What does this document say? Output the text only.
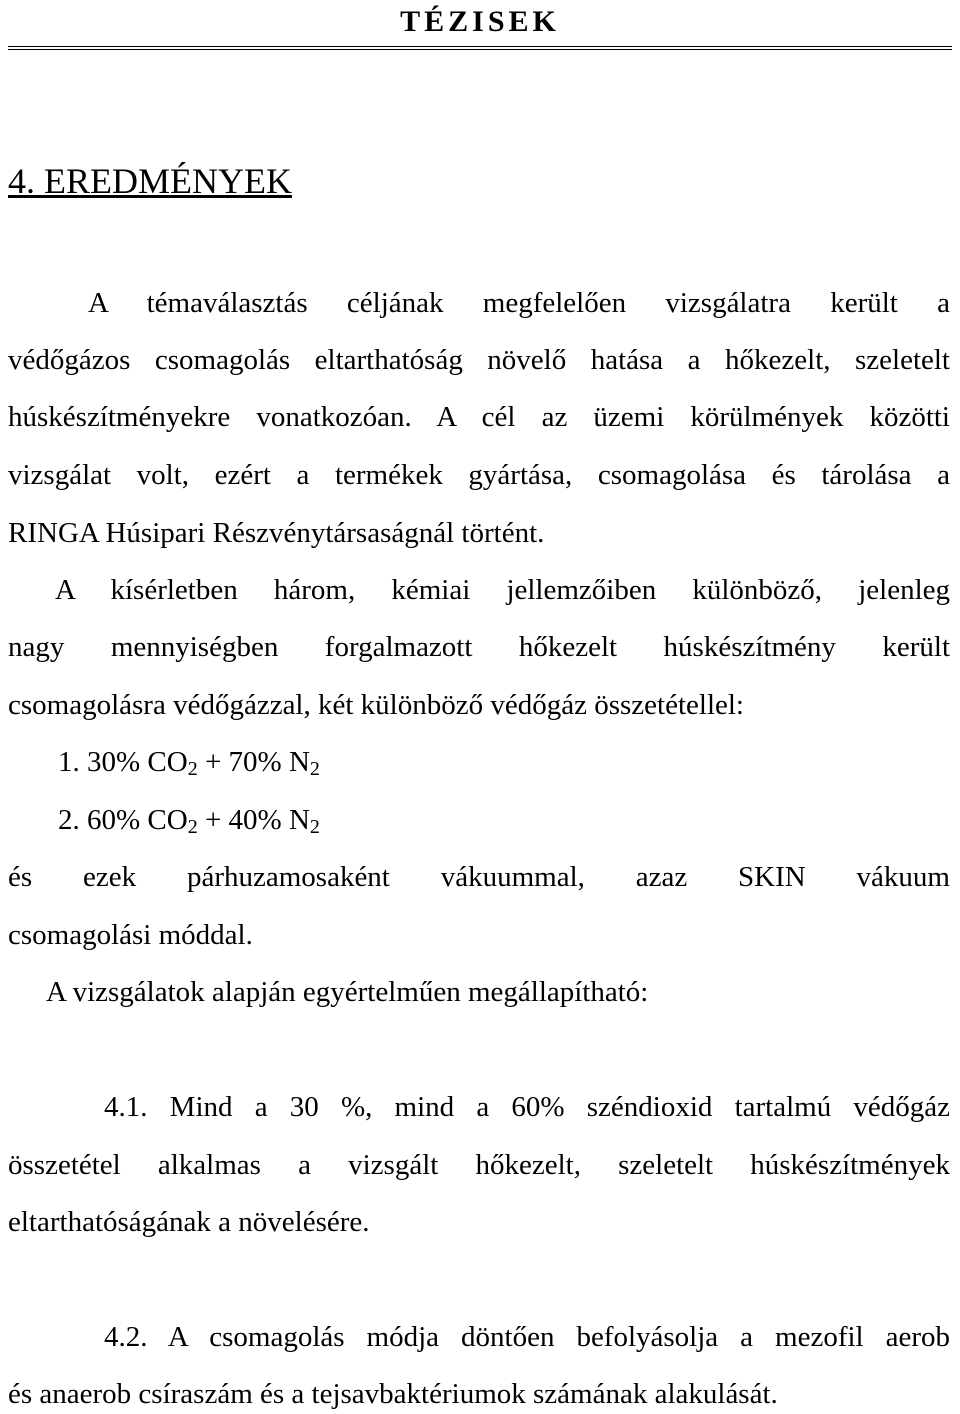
TÉZISEK
4. EREDMÉNYEK
A témaválasztás céljának megfelelően vizsgálatra került a
védőgázos csomagolás eltarthatóság növelő hatása a hőkezelt, szeletelt
húskészítményekre vonatkozóan. A cél az üzemi körülmények közötti
vizsgálat volt, ezért a termékek gyártása, csomagolása és tárolása a
RINGA Húsipari Részvénytársaságnál történt.
A kísérletben három, kémiai jellemzőiben különböző, jelenleg
nagy mennyiségben forgalmazott hőkezelt húskészítmény került
csomagolásra védőgázzal, két különböző védőgáz összetétellel:
1. 30% $CO_2 + 70\%$ $N_2$
2. 60% $CO_2 + 40\%$ $N_2$
és ezek párhuzamosaként vákuummal, azaz SKIN vákuum
csomagolási móddal.
A vizsgálatok alapján egyértelműen megállapítható:
4.1. Mind a 30 %, mind a 60% széndioxid tartalmú védőgáz
összetétel alkalmas a vizsgált hőkezelt, szeletelt húskészítmények
eltarthatóságának a növelésére.
4.2. A csomagolás módja döntően befolyásolja a mezofil aerob
és anaerob csíraszám és a tejsavbaktériumok számának alakulását.
